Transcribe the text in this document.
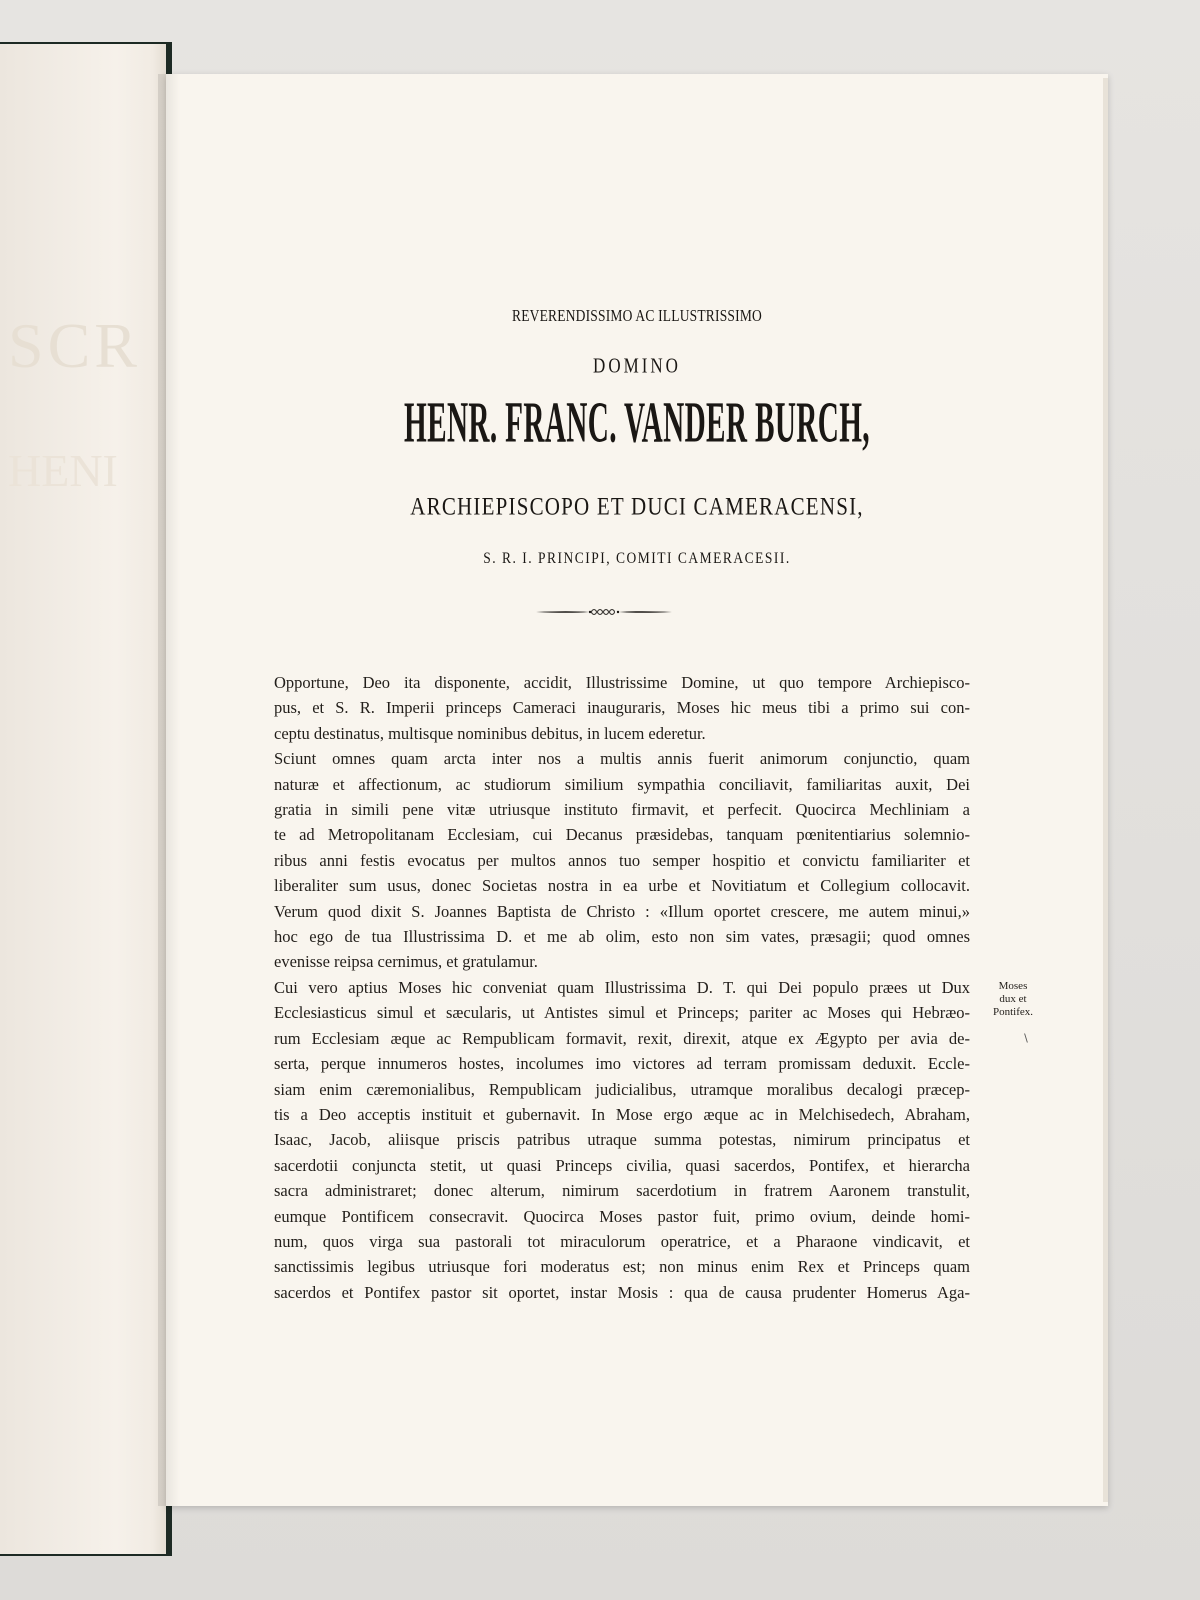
SCR
HENI
REVERENDISSIMO AC ILLUSTRISSIMO
DOMINO
HENR. FRANC. VANDER BURCH,
ARCHIEPISCOPO ET DUCI CAMERACENSI,
S. R. I. PRINCIPI, COMITI CAMERACESII.
Opportune, Deo ita disponente, accidit, Illustrissime Domine, ut quo tempore Archiepisco-
pus, et S. R. Imperii princeps Cameraci inauguraris, Moses hic meus tibi a primo sui con-
ceptu destinatus, multisque nominibus debitus, in lucem ederetur.
Sciunt omnes quam arcta inter nos a multis annis fuerit animorum conjunctio, quam
naturæ et affectionum, ac studiorum similium sympathia conciliavit, familiaritas auxit, Dei
gratia in simili pene vitæ utriusque instituto firmavit, et perfecit. Quocirca Mechliniam a
te ad Metropolitanam Ecclesiam, cui Decanus præsidebas, tanquam pœnitentiarius solemnio-
ribus anni festis evocatus per multos annos tuo semper hospitio et convictu familiariter et
liberaliter sum usus, donec Societas nostra in ea urbe et Novitiatum et Collegium collocavit.
Verum quod dixit S. Joannes Baptista de Christo : «Illum oportet crescere, me autem minui,»
hoc ego de tua Illustrissima D. et me ab olim, esto non sim vates, præsagii; quod omnes
evenisse reipsa cernimus, et gratulamur.
Cui vero aptius Moses hic conveniat quam Illustrissima D. T. qui Dei populo præes ut Dux
Ecclesiasticus simul et sæcularis, ut Antistes simul et Princeps; pariter ac Moses qui Hebræo-
rum Ecclesiam æque ac Rempublicam formavit, rexit, direxit, atque ex Ægypto per avia de-
serta, perque innumeros hostes, incolumes imo victores ad terram promissam deduxit. Eccle-
siam enim cæremonialibus, Rempublicam judicialibus, utramque moralibus decalogi præcep-
tis a Deo acceptis instituit et gubernavit. In Mose ergo æque ac in Melchisedech, Abraham,
Isaac, Jacob, aliisque priscis patribus utraque summa potestas, nimirum principatus et
sacerdotii conjuncta stetit, ut quasi Princeps civilia, quasi sacerdos, Pontifex, et hierarcha
sacra administraret; donec alterum, nimirum sacerdotium in fratrem Aaronem transtulit,
eumque Pontificem consecravit. Quocirca Moses pastor fuit, primo ovium, deinde homi-
num, quos virga sua pastorali tot miraculorum operatrice, et a Pharaone vindicavit, et
sanctissimis legibus utriusque fori moderatus est; non minus enim Rex et Princeps quam
sacerdos et Pontifex pastor sit oportet, instar Mosis : qua de causa prudenter Homerus Aga-
Moses
dux et
Pontifex.
∖
